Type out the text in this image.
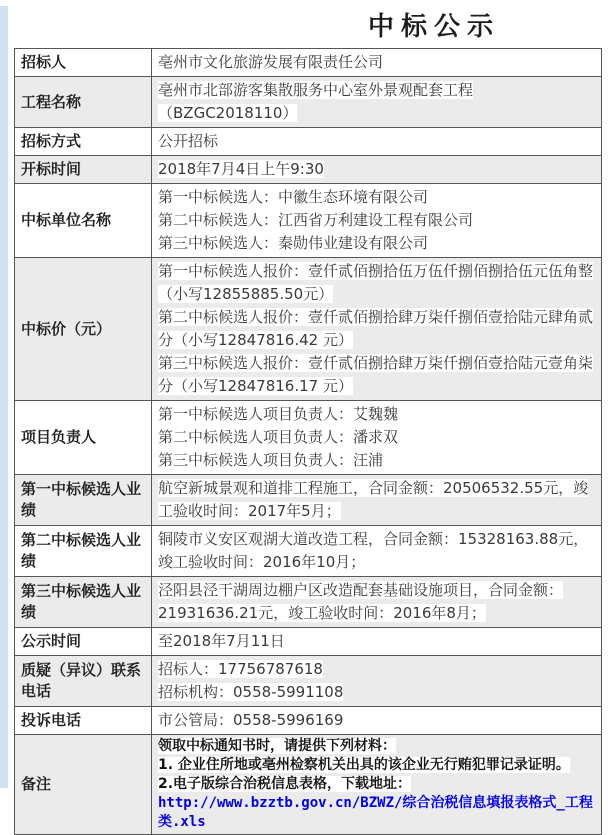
中标公示
招标人	亳州市文化旅游发展有限责任公司

工程名称	亳州市北部游客集散服务中心室外景观配套工程
（BZGC2018110）

招标方式	公开招标

开标时间	2018年7月4日上午9:30

中标单位名称	第一中标候选人：中徽生态环境有限公司
第二中标候选人：江西省万利建设工程有限公司
第三中标候选人：秦勋伟业建设有限公司

中标价（元）	第一中标候选人报价：壹仟贰佰捌拾伍万伍仟捌佰捌拾伍元伍角整（小写12855885.50元）
第二中标候选人报价：壹仟贰佰捌拾肆万柒仟捌佰壹拾陆元肆角贰分（小写12847816.42 元）
第三中标候选人报价：壹仟贰佰捌拾肆万柒仟捌佰壹拾陆元壹角柒分（小写12847816.17 元）

项目负责人	第一中标候选人项目负责人：艾魏魏
第二中标候选人项目负责人：潘求双
第三中标候选人项目负责人：汪浦

第一中标候选人业绩	航空新城景观和道排工程施工，合同金额：20506532.55元，竣工验收时间：2017年5月；

第二中标候选人业绩	铜陵市义安区观湖大道改造工程，合同金额：15328163.88元，竣工验收时间：2016年10月；

第三中标候选人业绩	泾阳县泾干湖周边棚户区改造配套基础设施项目，合同金额：21931636.21元，竣工验收时间：2016年8月；

公示时间	至2018年7月11日

质疑（异议）联系电话	招标人：17756787618
招标机构：0558-5991108

投诉电话	市公管局：0558-5996169

备注	领取中标通知书时，请提供下列材料：
1. 企业住所地或亳州检察机关出具的该企业无行贿犯罪记录证明。
2.电子版综合治税信息表格，下载地址：
http://www.bzztb.gov.cn/BZWZ/综合治税信息填报表格式_工程类.xls
